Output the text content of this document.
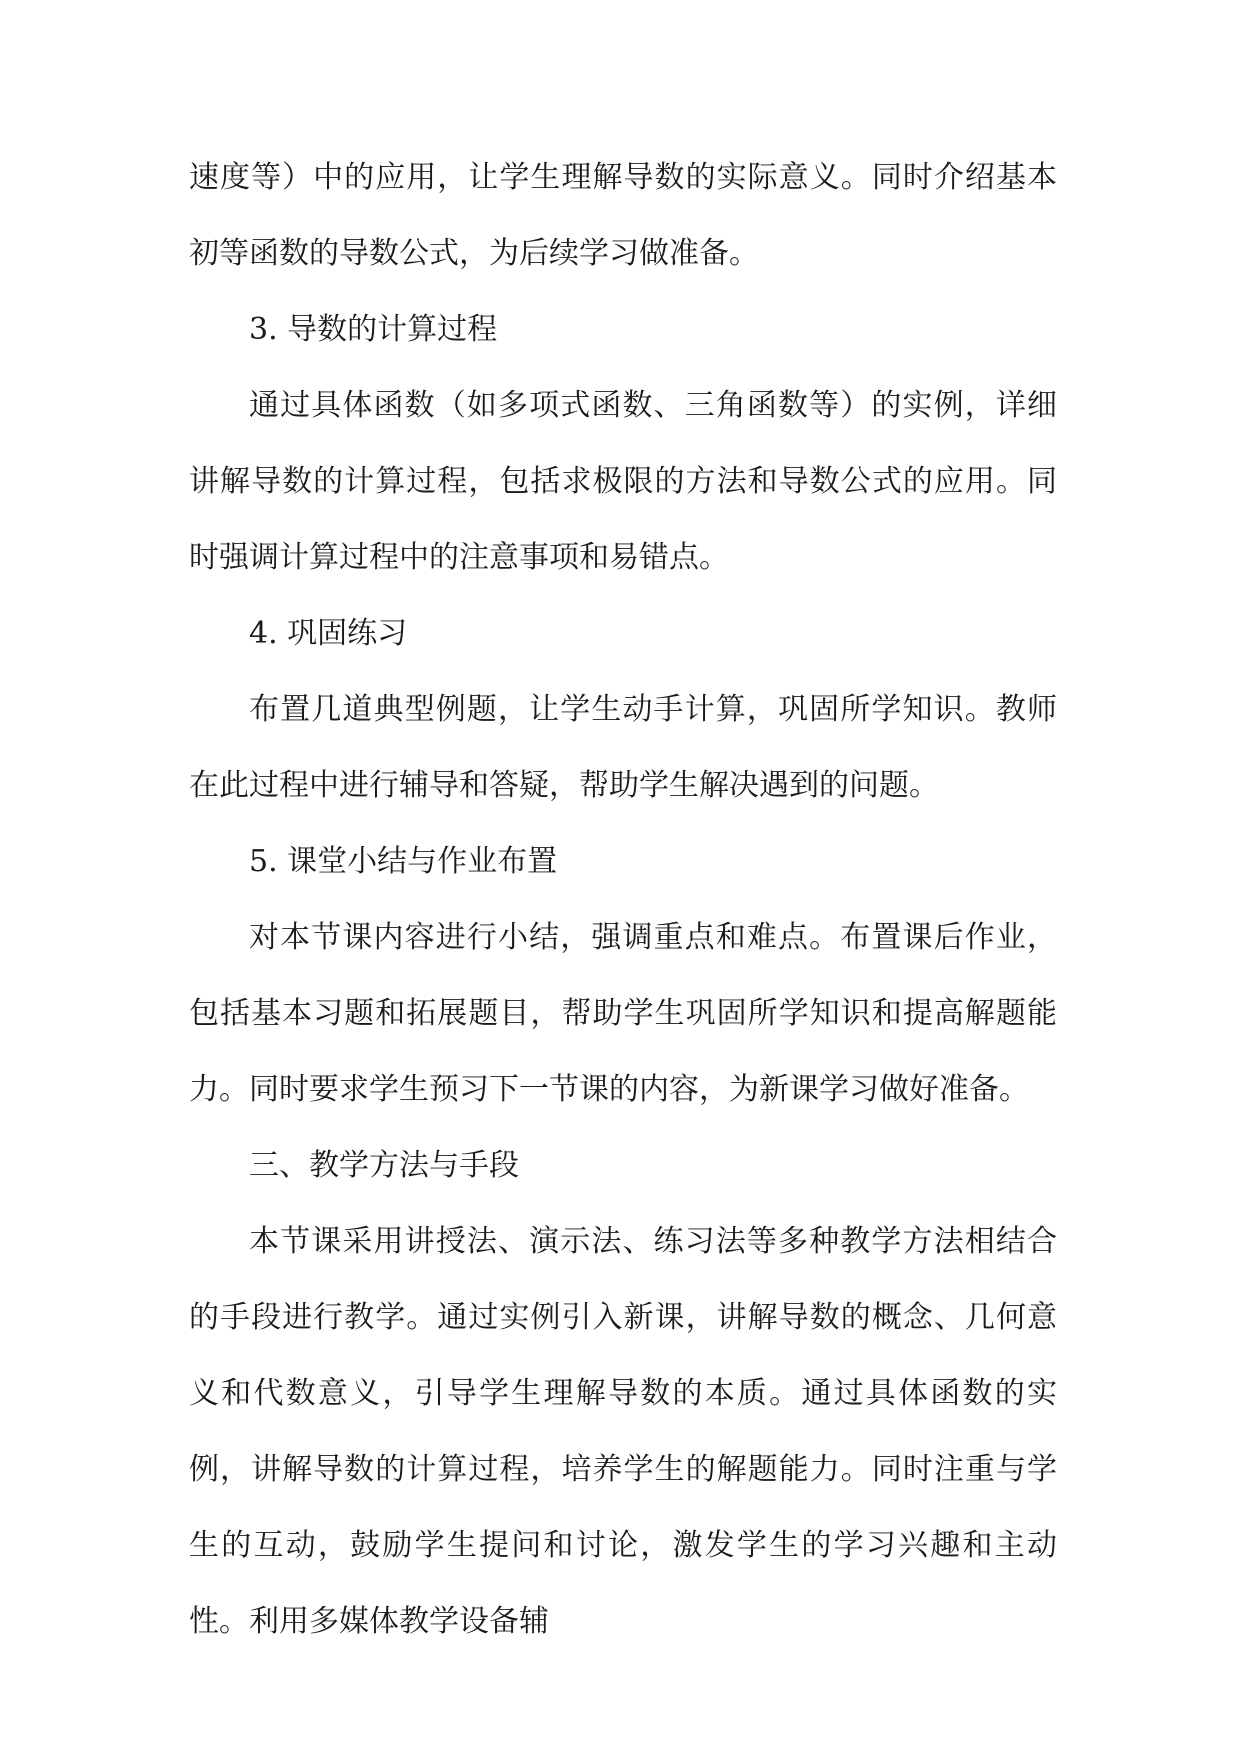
速度等）中的应用，让学生理解导数的实际意义。同时介绍基本初等函数的导数公式，为后续学习做准备。

3. 导数的计算过程

通过具体函数（如多项式函数、三角函数等）的实例，详细讲解导数的计算过程，包括求极限的方法和导数公式的应用。同时强调计算过程中的注意事项和易错点。

4. 巩固练习

布置几道典型例题，让学生动手计算，巩固所学知识。教师在此过程中进行辅导和答疑，帮助学生解决遇到的问题。

5. 课堂小结与作业布置

对本节课内容进行小结，强调重点和难点。布置课后作业，包括基本习题和拓展题目，帮助学生巩固所学知识和提高解题能力。同时要求学生预习下一节课的内容，为新课学习做好准备。

三、教学方法与手段

本节课采用讲授法、演示法、练习法等多种教学方法相结合的手段进行教学。通过实例引入新课，讲解导数的概念、几何意义和代数意义，引导学生理解导数的本质。通过具体函数的实例，讲解导数的计算过程，培养学生的解题能力。同时注重与学生的互动，鼓励学生提问和讨论，激发学生的学习兴趣和主动性。利用多媒体教学设备辅
